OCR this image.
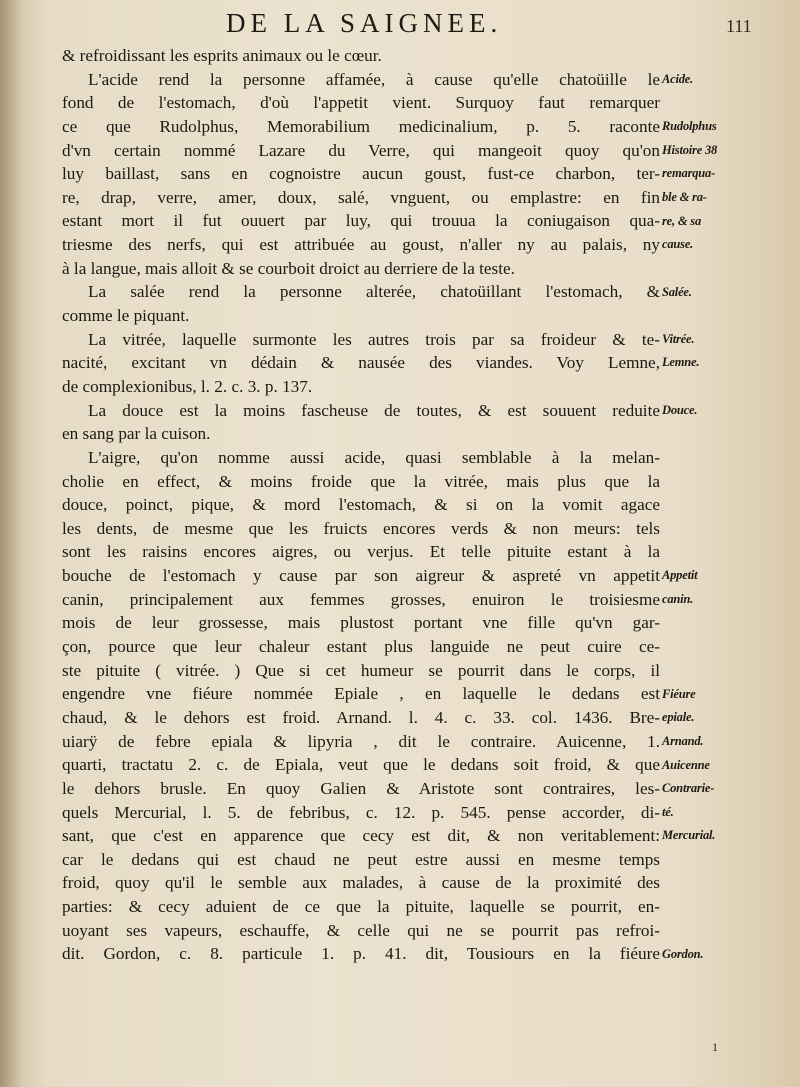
DE LA SAIGNEE.	111
& refroidissant les esprits animaux ou le cœur.
L'acide rend la personne affamée, à cause qu'elle chatoüille le
fond de l'estomach, d'où l'appetit vient. Surquoy faut remarquer
ce que Rudolphus, Memorabilium medicinalium, p. 5. raconte
d'vn certain nommé Lazare du Verre, qui mangeoit quoy qu'on
luy baillast, sans en cognoistre aucun goust, fust-ce charbon, ter-
re, drap, verre, amer, doux, salé, vnguent, ou emplastre: en fin
estant mort il fut ouuert par luy, qui trouua la coniugaison qua-
triesme des nerfs, qui est attribuée au goust, n'aller ny au palais, ny
à la langue, mais alloit & se courboit droict au derriere de la teste.
La salée rend la personne alterée, chatoüillant l'estomach, &
comme le piquant.
La vitrée, laquelle surmonte les autres trois par sa froideur & te-
nacité, excitant vn dédain & nausée des viandes. Voy Lemne,
de complexionibus, l. 2. c. 3. p. 137.
La douce est la moins fascheuse de toutes, & est souuent reduite
en sang par la cuison.
L'aigre, qu'on nomme aussi acide, quasi semblable à la melan-
cholie en effect, & moins froide que la vitrée, mais plus que la
douce, poinct, pique, & mord l'estomach, & si on la vomit agace
les dents, de mesme que les fruicts encores verds & non meurs: tels
sont les raisins encores aigres, ou verjus. Et telle pituite estant à la
bouche de l'estomach y cause par son aigreur & aspreté vn appetit
canin, principalement aux femmes grosses, enuiron le troisiesme
mois de leur grossesse, mais plustost portant vne fille qu'vn gar-
çon, pource que leur chaleur estant plus languide ne peut cuire ce-
ste pituite ( vitrée. ) Que si cet humeur se pourrit dans le corps, il
engendre vne fiéure nommée Epiale , en laquelle le dedans est
chaud, & le dehors est froid. Arnand. l. 4. c. 33. col. 1436. Bre-
uiarÿ de febre epiala & lipyria , dit le contraire. Auicenne, 1.
quarti, tractatu 2. c. de Epiala, veut que le dedans soit froid, & que
le dehors brusle. En quoy Galien & Aristote sont contraires, les-
quels Mercurial, l. 5. de febribus, c. 12. p. 545. pense accorder, di-
sant, que c'est en apparence que cecy est dit, & non veritablement:
car le dedans qui est chaud ne peut estre aussi en mesme temps
froid, quoy qu'il le semble aux malades, à cause de la proximité des
parties: & cecy aduient de ce que la pituite, laquelle se pourrit, en-
uoyant ses vapeurs, eschauffe, & celle qui ne se pourrit pas refroi-
dit. Gordon, c. 8. particule 1. p. 41. dit, Tousiours en la fiéure
Acide.
Rudolphus
Histoire 38
remarqua-
ble & ra-
re, & sa
cause.
Salée.
Vitrée.
Lemne.
Douce.
Appetit
canin.
Fiéure
epiale.
Arnand.
Auicenne
Contrarie-
té.
Mercurial.
Gordon.
1
